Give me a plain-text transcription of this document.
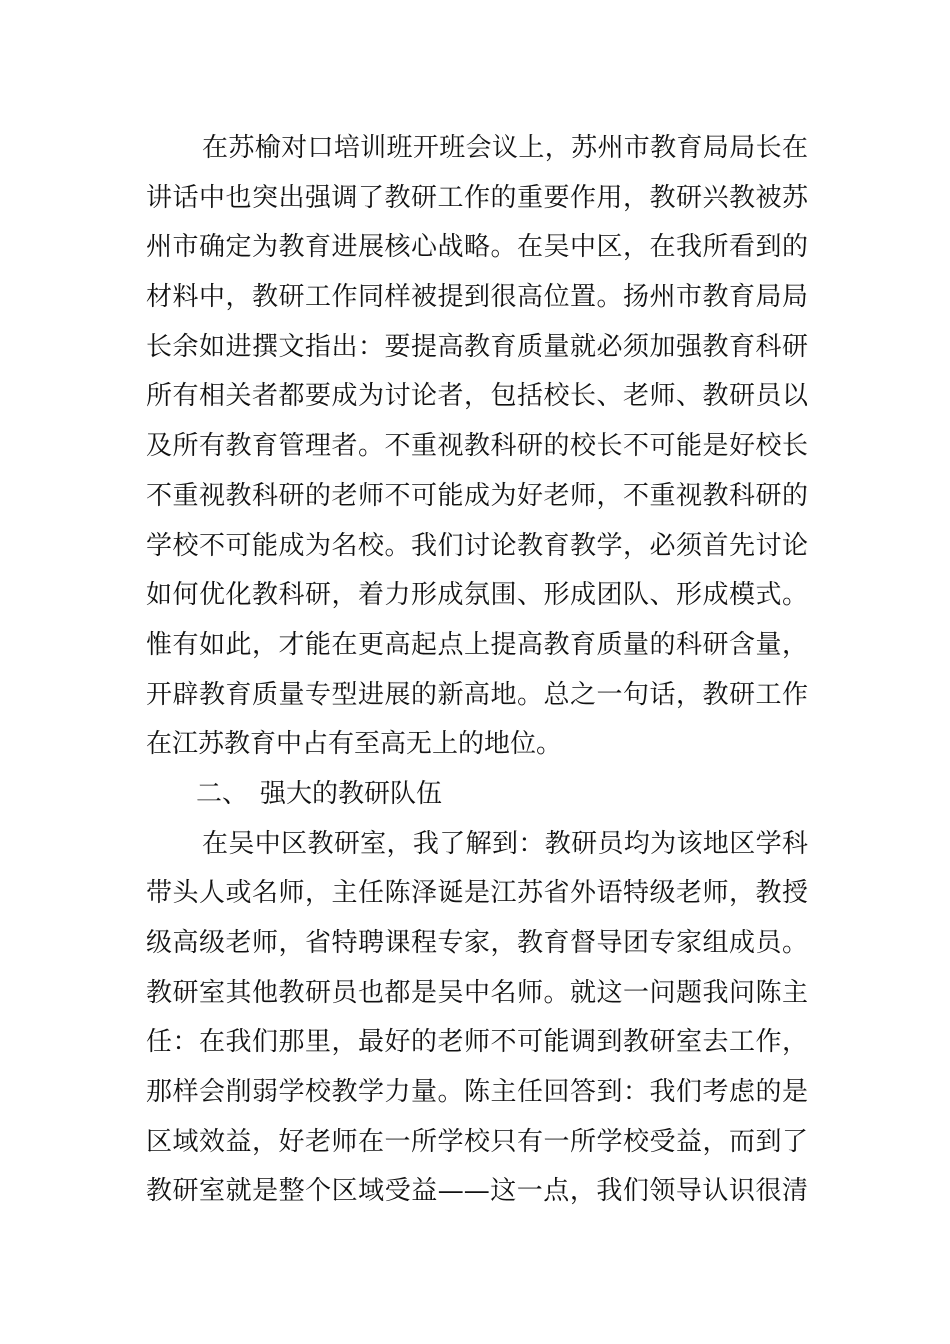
在苏榆对口培训班开班会议上，苏州市教育局局长在
讲话中也突出强调了教研工作的重要作用，教研兴教被苏
州市确定为教育进展核心战略。在吴中区，在我所看到的
材料中，教研工作同样被提到很高位置。扬州市教育局局
长余如进撰文指出：要提高教育质量就必须加强教育科研
所有相关者都要成为讨论者，包括校长、老师、教研员以
及所有教育管理者。不重视教科研的校长不可能是好校长
不重视教科研的老师不可能成为好老师，不重视教科研的
学校不可能成为名校。我们讨论教育教学，必须首先讨论
如何优化教科研，着力形成氛围、形成团队、形成模式。
惟有如此，才能在更高起点上提高教育质量的科研含量，
开辟教育质量专型进展的新高地。总之一句话，教研工作
在江苏教育中占有至高无上的地位。
二、 强大的教研队伍
在吴中区教研室，我了解到：教研员均为该地区学科
带头人或名师，主任陈泽诞是江苏省外语特级老师，教授
级高级老师，省特聘课程专家，教育督导团专家组成员。
教研室其他教研员也都是吴中名师。就这一问题我问陈主
任：在我们那里，最好的老师不可能调到教研室去工作，
那样会削弱学校教学力量。陈主任回答到：我们考虑的是
区域效益，好老师在一所学校只有一所学校受益，而到了
教研室就是整个区域受益——这一点，我们领导认识很清
